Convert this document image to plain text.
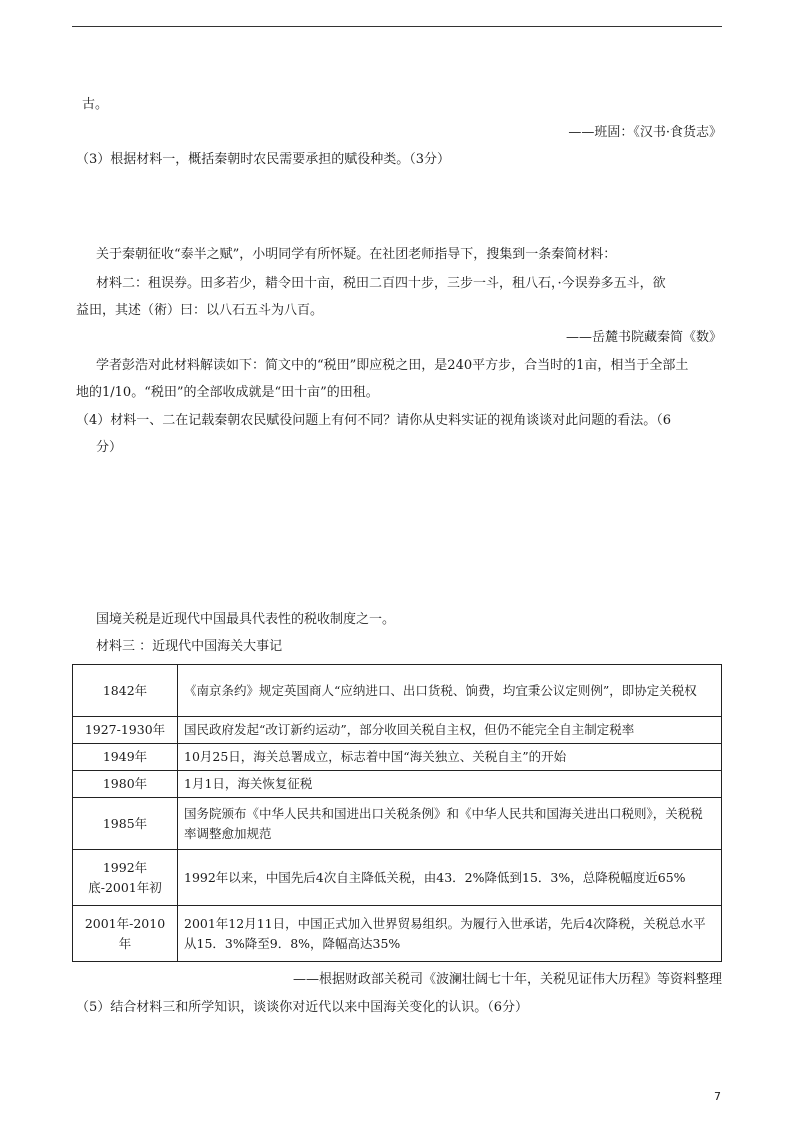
古。
——班固：《汉书·食货志》
（3）根据材料一，概括秦朝时农民需要承担的赋役种类。（3分）
关于秦朝征收“泰半之赋”，小明同学有所怀疑。在社团老师指导下，搜集到一条秦简材料：
材料二：租误券。田多若少，耤令田十亩，税田二百四十步，三步一斗，租八石，·今误券多五斗，欲
益田，其述（術）曰：以八石五斗为八百。
——岳麓书院藏秦简《数》
学者彭浩对此材料解读如下：简文中的“税田”即应税之田，是240平方步，合当时的1亩，相当于全部土
地的1/10。“税田”的全部收成就是“田十亩”的田租。
（4）材料一、二在记载秦朝农民赋役问题上有何不同？请你从史料实证的视角谈谈对此问题的看法。（6
分）
国境关税是近现代中国最具代表性的税收制度之一。
材料三 ：近现代中国海关大事记
1842年	《南京条约》规定英国商人“应纳进口、出口货税、饷费，均宜秉公议定则例”，即协定关税权
1927-1930年	国民政府发起“改订新约运动”，部分收回关税自主权，但仍不能完全自主制定税率
1949年	10月25日，海关总署成立，标志着中国“海关独立、关税自主”的开始
1980年	1月1日，海关恢复征税
1985年	国务院颁布《中华人民共和国进出口关税条例》和《中华人民共和国海关进出口税则》，关税税率调整愈加规范
1992年底-2001年初	1992年以来，中国先后4次自主降低关税，由43．2%降低到15．3%，总降税幅度近65%
2001年-2010年	2001年12月11日，中国正式加入世界贸易组织。为履行入世承诺，先后4次降税，关税总水平从15．3%降至9．8%，降幅高达35%
——根据财政部关税司《波澜壮阔七十年，关税见证伟大历程》等资料整理
（5）结合材料三和所学知识，谈谈你对近代以来中国海关变化的认识。（6分）
7
